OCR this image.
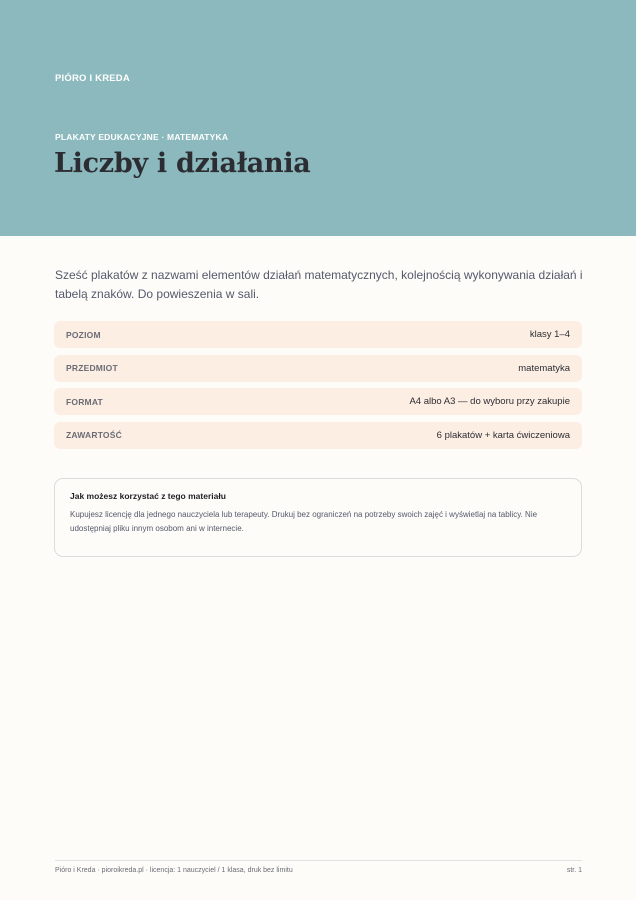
PIÓRO I KREDA
PLAKATY EDUKACYJNE · MATEMATYKA
Liczby i działania

Sześć plakatów z nazwami elementów działań matematycznych, kolejnością wykonywania działań i tabelą znaków. Do powieszenia w sali.

POZIOM	klasy 1–4
PRZEDMIOT	matematyka
FORMAT	A4 albo A3 — do wyboru przy zakupie
ZAWARTOŚĆ	6 plakatów + karta ćwiczeniowa
Jak możesz korzystać z tego materiału

Kupujesz licencję dla jednego nauczyciela lub terapeuty. Drukuj bez ograniczeń na potrzeby swoich zajęć i wyświetlaj na tablicy. Nie udostępniaj pliku innym osobom ani w internecie.

Pióro i Kreda · pioroikreda.pl · licencja: 1 nauczyciel / 1 klasa, druk bez limitu	str. 1
